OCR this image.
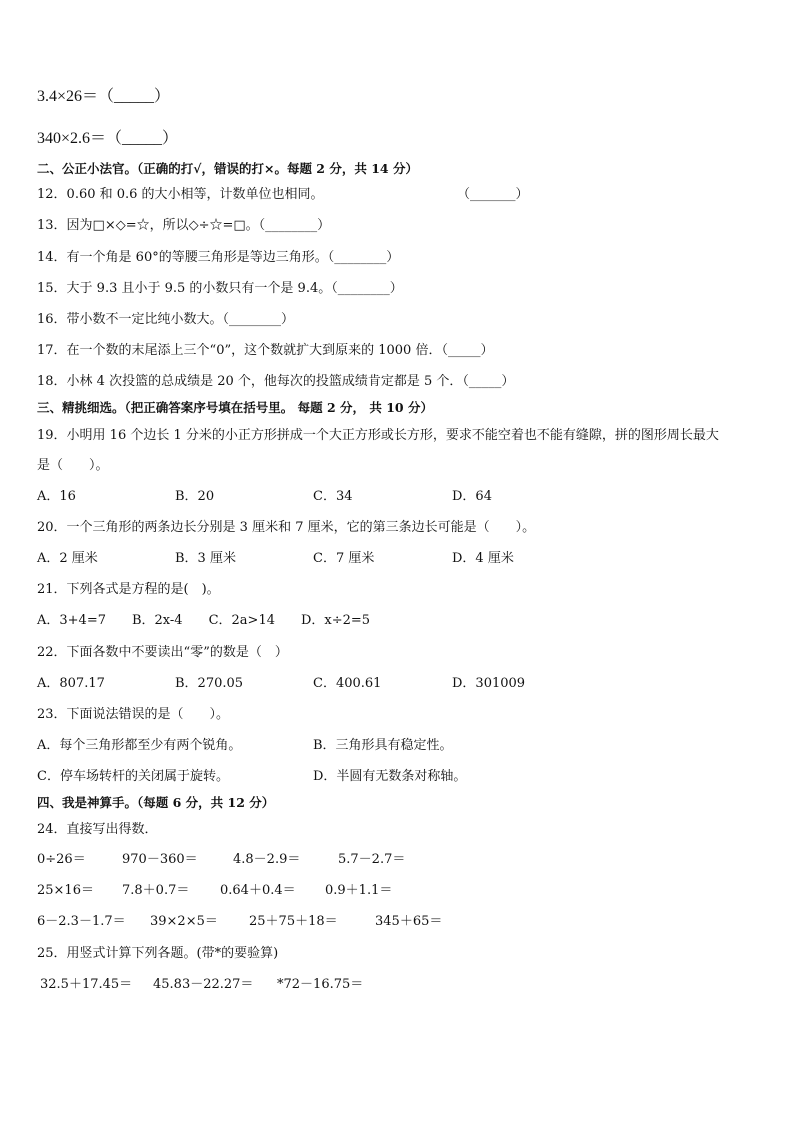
3.4×26＝（_____）
340×2.6＝（_____）
二、公正小法官。（正确的打√，错误的打×。每题 2 分，共 14 分）
12．0.60 和 0.6 的大小相等，计数单位也相同。	（_______）
13．因为□×◇=☆，所以◇÷☆=□。（________）
14．有一个角是 60°的等腰三角形是等边三角形。（________）
15．大于 9.3 且小于 9.5 的小数只有一个是 9.4。（________）
16．带小数不一定比纯小数大。（________）
17．在一个数的末尾添上三个“0”，这个数就扩大到原来的 1000 倍．（_____）
18．小林 4 次投篮的总成绩是 20 个，他每次的投篮成绩肯定都是 5 个．（_____）
三、精挑细选。（把正确答案序号填在括号里。 每题 2 分， 共 10 分）
19．小明用 16 个边长 1 分米的小正方形拼成一个大正方形或长方形，要求不能空着也不能有缝隙，拼的图形周长最大
是（　　）。
A．16	B．20	C．34	D．64
20．一个三角形的两条边长分别是 3 厘米和 7 厘米，它的第三条边长可能是（　　）。
A．2 厘米	B．3 厘米	C．7 厘米	D．4 厘米
21．下列各式是方程的是(　)。
A．3+4=7　　B．2x-4　　C．2a>14　　D．x÷2=5
22．下面各数中不要读出“零”的数是（　）
A．807.17	B．270.05	C．400.61	D．301009
23．下面说法错误的是（　　）。
A．每个三角形都至少有两个锐角。	B．三角形具有稳定性。
C．停车场转杆的关闭属于旋转。	D．半圆有无数条对称轴。
四、我是神算手。（每题 6 分，共 12 分）
24．直接写出得数．
0÷26＝	970－360＝	4.8－2.9＝	5.7－2.7＝
25×16＝ 7.8＋0.7＝ 0.64＋0.4＝ 0.9＋1.1＝
6－2.3－1.7＝ 39×2×5＝ 25＋75＋18＝	345＋65＝
25．用竖式计算下列各题。(带*的要验算)
32.5＋17.45＝ 45.83－22.27＝ *72－16.75＝
